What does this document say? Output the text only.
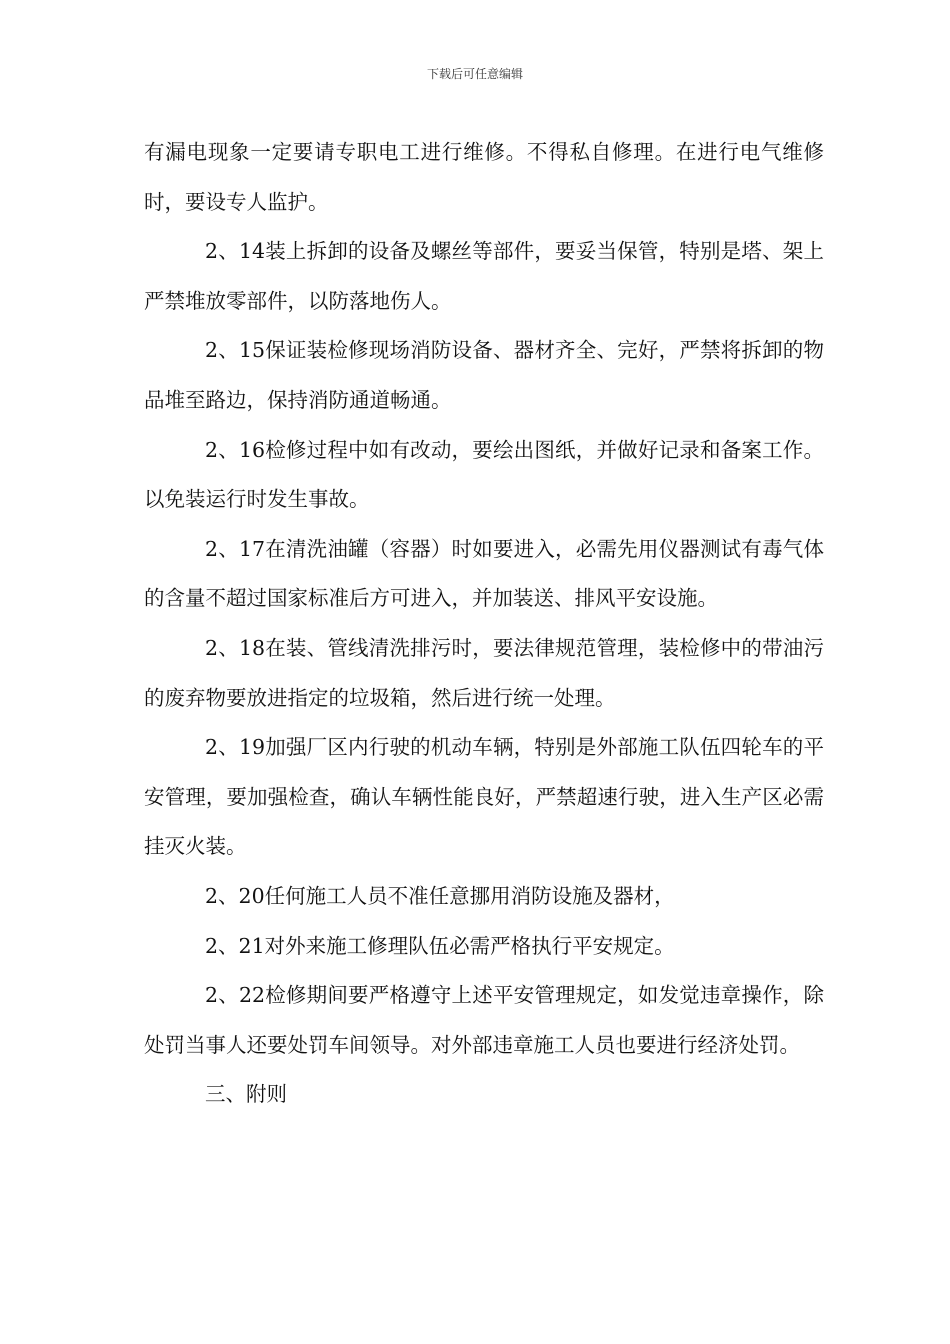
下载后可任意编辑

有漏电现象一定要请专职电工进行维修。不得私自修理。在进行电气维修时，要设专人监护。

2、14装上拆卸的设备及螺丝等部件，要妥当保管，特别是塔、架上严禁堆放零部件，以防落地伤人。

2、15保证装检修现场消防设备、器材齐全、完好，严禁将拆卸的物品堆至路边，保持消防通道畅通。

2、16检修过程中如有改动，要绘出图纸，并做好记录和备案工作。以免装运行时发生事故。

2、17在清洗油罐（容器）时如要进入，必需先用仪器测试有毒气体的含量不超过国家标准后方可进入，并加装送、排风平安设施。

2、18在装、管线清洗排污时，要法律规范管理，装检修中的带油污的废弃物要放进指定的垃圾箱，然后进行统一处理。

2、19加强厂区内行驶的机动车辆，特别是外部施工队伍四轮车的平安管理，要加强检查，确认车辆性能良好，严禁超速行驶，进入生产区必需挂灭火装。

2、20任何施工人员不准任意挪用消防设施及器材，

2、21对外来施工修理队伍必需严格执行平安规定。

2、22检修期间要严格遵守上述平安管理规定，如发觉违章操作，除处罚当事人还要处罚车间领导。对外部违章施工人员也要进行经济处罚。

三、附则
